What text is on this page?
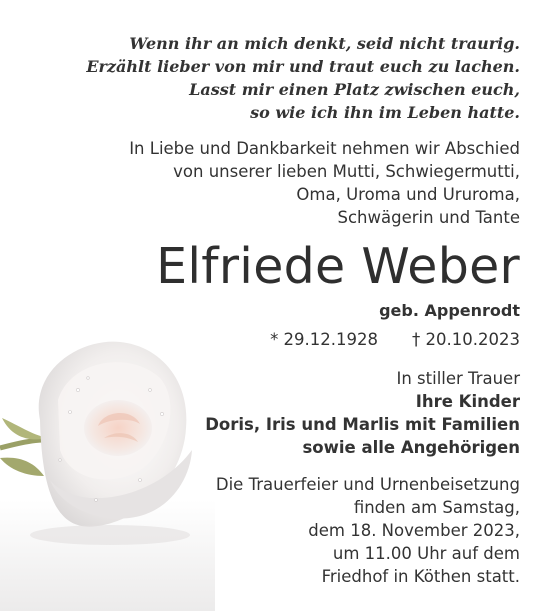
Wenn ihr an mich denkt, seid nicht traurig.
Erzählt lieber von mir und traut euch zu lachen.
Lasst mir einen Platz zwischen euch,
so wie ich ihn im Leben hatte.
In Liebe und Dankbarkeit nehmen wir Abschied
von unserer lieben Mutti, Schwiegermutti,
Oma, Uroma und Ururoma,
Schwägerin und Tante
Elfriede Weber
geb. Appenrodt
* 29.12.1928 † 20.10.2023
In stiller Trauer
Ihre Kinder
Doris, Iris und Marlis mit Familien
sowie alle Angehörigen
Die Trauerfeier und Urnenbeisetzung
finden am Samstag,
dem 18. November 2023,
um 11.00 Uhr auf dem
Friedhof in Köthen statt.
